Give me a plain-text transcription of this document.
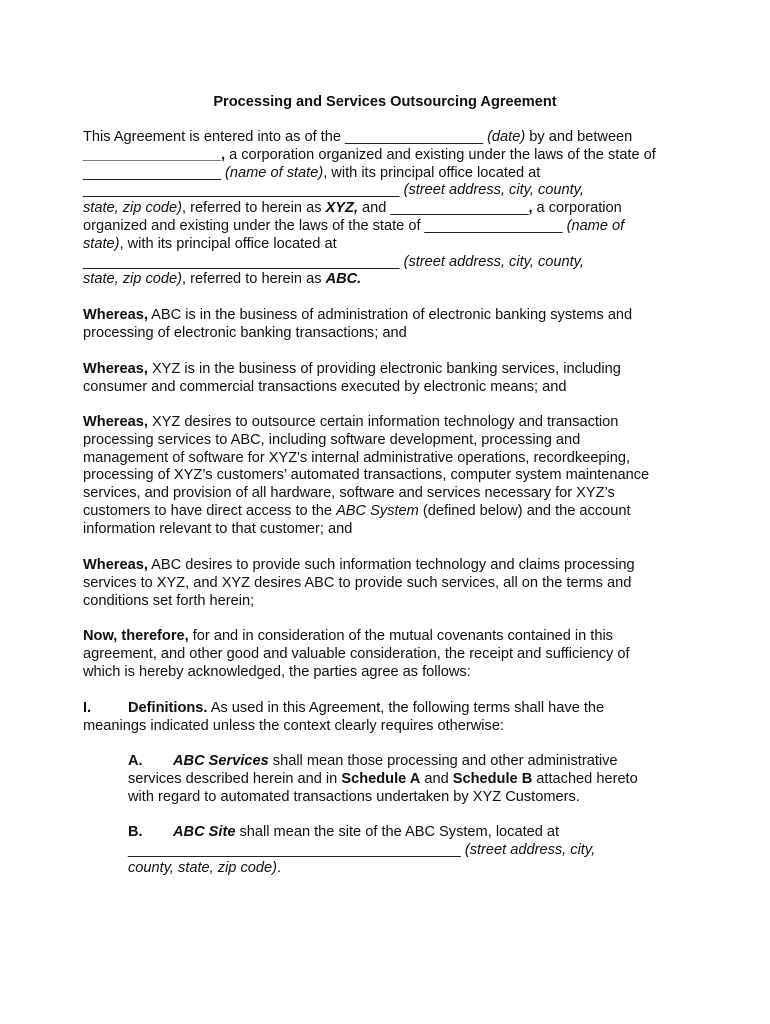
Processing and Services Outsourcing Agreement

This Agreement is entered into as of the _________________ (date) by and between
_________________, a corporation organized and existing under the laws of the state of
_________________ (name of state), with its principal office located at
_______________________________________ (street address, city, county,
state, zip code), referred to herein as XYZ, and _________________, a corporation
organized and existing under the laws of the state of _________________ (name of
state), with its principal office located at
_______________________________________ (street address, city, county,
state, zip code), referred to herein as ABC.

Whereas, ABC is in the business of administration of electronic banking systems and
processing of electronic banking transactions; and

Whereas, XYZ is in the business of providing electronic banking services, including
consumer and commercial transactions executed by electronic means; and

Whereas, XYZ desires to outsource certain information technology and transaction
processing services to ABC, including software development, processing and
management of software for XYZ's internal administrative operations, recordkeeping,
processing of XYZ’s customers’ automated transactions, computer system maintenance
services, and provision of all hardware, software and services necessary for XYZ’s
customers to have direct access to the ABC System (defined below) and the account
information relevant to that customer; and

Whereas, ABC desires to provide such information technology and claims processing
services to XYZ, and XYZ desires ABC to provide such services, all on the terms and
conditions set forth herein;

Now, therefore, for and in consideration of the mutual covenants contained in this
agreement, and other good and valuable consideration, the receipt and sufficiency of
which is hereby acknowledged, the parties agree as follows:

I.	Definitions. As used in this Agreement, the following terms shall have the
meanings indicated unless the context clearly requires otherwise:

A. ABC Services shall mean those processing and other administrative
services described herein and in Schedule A and Schedule B attached hereto
with regard to automated transactions undertaken by XYZ Customers.

B. ABC Site shall mean the site of the ABC System, located at
_________________________________________ (street address, city,
county, state, zip code).
